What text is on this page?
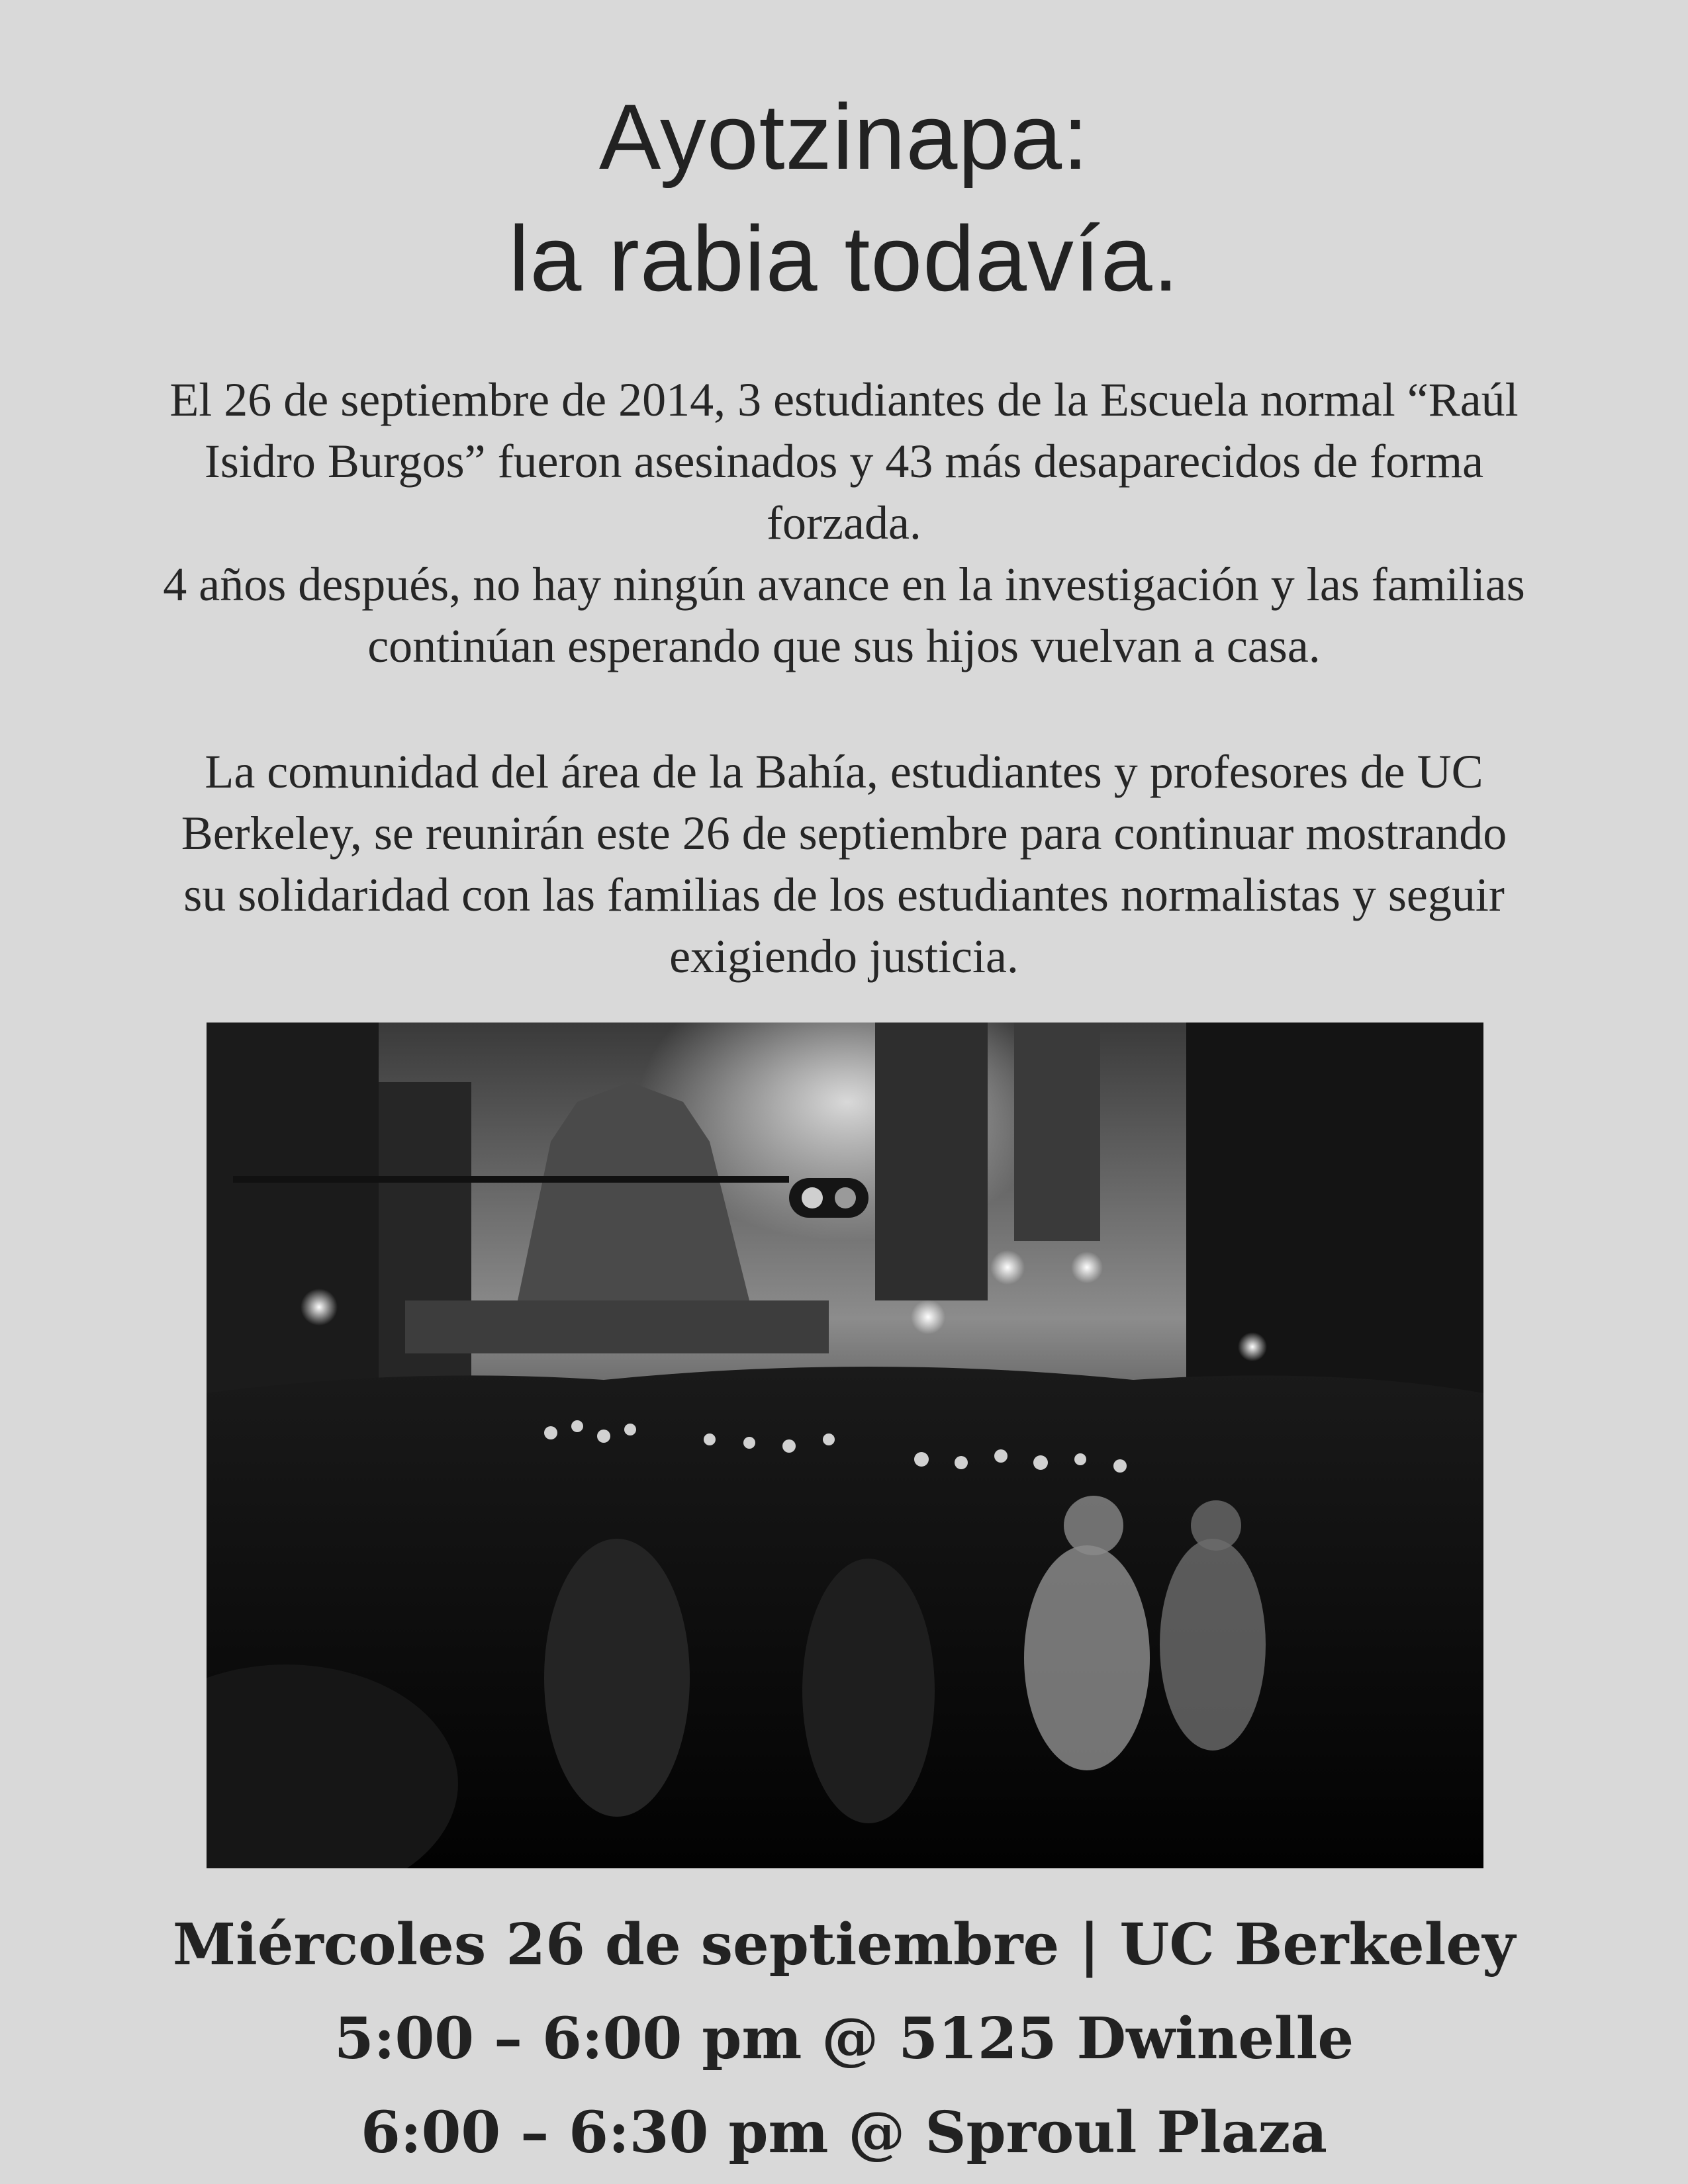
Ayotzinapa:
la rabia todavía.
El 26 de septiembre de 2014, 3 estudiantes de la Escuela normal “Raúl
Isidro Burgos” fueron asesinados y 43 más desaparecidos de forma
forzada.
4 años después, no hay ningún avance en la investigación y las familias
continúan esperando que sus hijos vuelvan a casa.
La comunidad del área de la Bahía, estudiantes y profesores de UC
Berkeley, se reunirán este 26 de septiembre para continuar mostrando
su solidaridad con las familias de los estudiantes normalistas y seguir
exigiendo justicia.
Miércoles 26 de septiembre | UC Berkeley
5:00 – 6:00 pm @ 5125 Dwinelle
6:00 – 6:30 pm @ Sproul Plaza
